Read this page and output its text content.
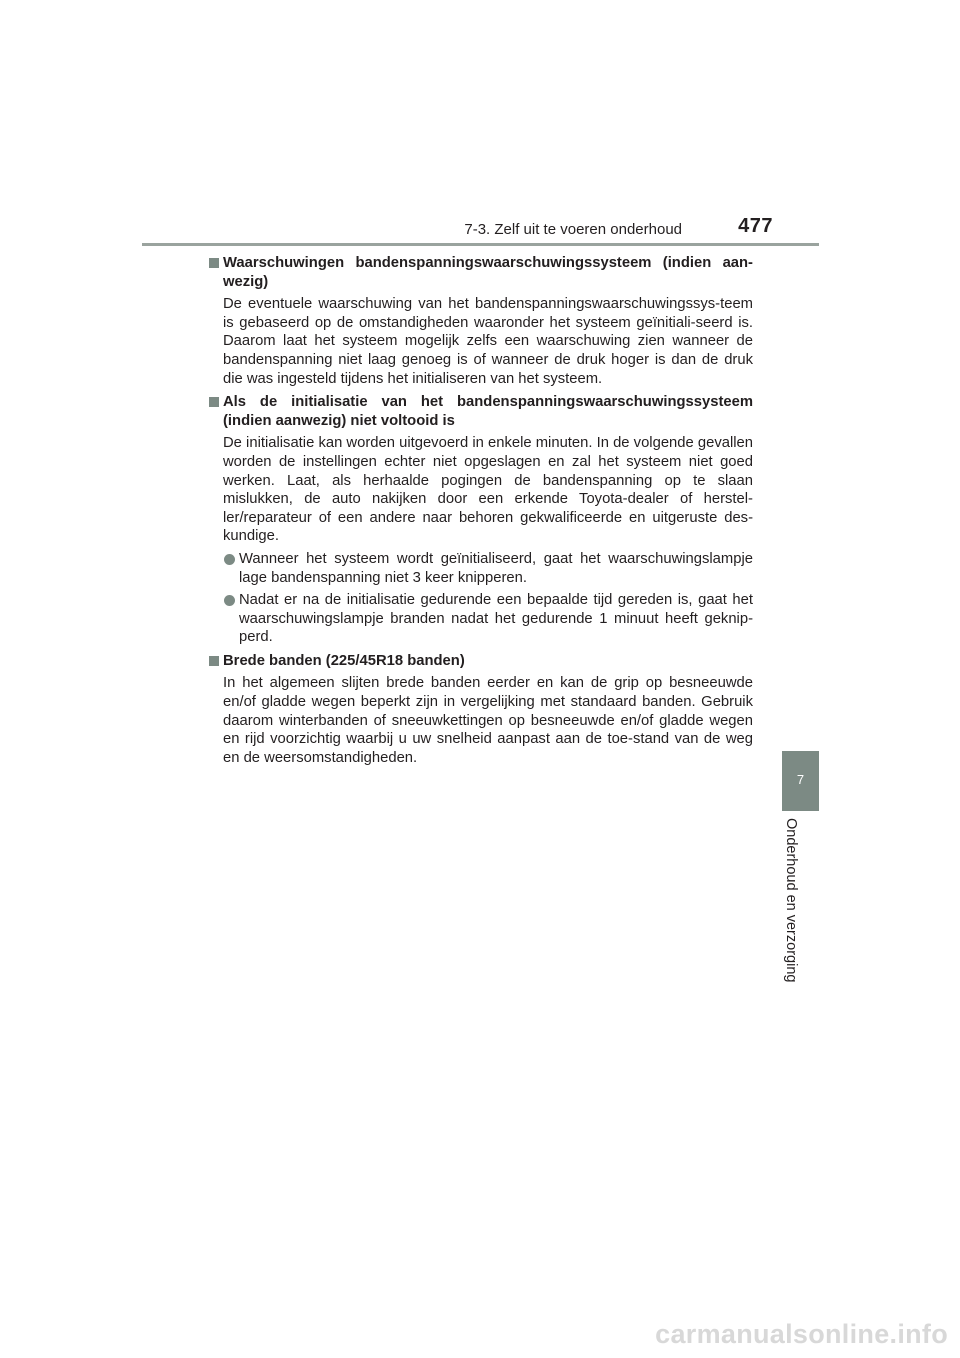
7-3. Zelf uit te voeren onderhoud	477
Waarschuwingen bandenspanningswaarschuwingssysteem (indien aan-wezig)
De eventuele waarschuwing van het bandenspanningswaarschuwingssys-teem is gebaseerd op de omstandigheden waaronder het systeem geïnitiali-seerd is. Daarom laat het systeem mogelijk zelfs een waarschuwing zien wanneer de bandenspanning niet laag genoeg is of wanneer de druk hoger is dan de druk die was ingesteld tijdens het initialiseren van het systeem.
Als de initialisatie van het bandenspanningswaarschuwingssysteem (indien aanwezig) niet voltooid is
De initialisatie kan worden uitgevoerd in enkele minuten. In de volgende gevallen worden de instellingen echter niet opgeslagen en zal het systeem niet goed werken. Laat, als herhaalde pogingen de bandenspanning op te slaan mislukken, de auto nakijken door een erkende Toyota-dealer of herstel-ler/reparateur of een andere naar behoren gekwalificeerde en uitgeruste des-kundige.
Wanneer het systeem wordt geïnitialiseerd, gaat het waarschuwingslampje lage bandenspanning niet 3 keer knipperen.
Nadat er na de initialisatie gedurende een bepaalde tijd gereden is, gaat het waarschuwingslampje branden nadat het gedurende 1 minuut heeft geknip-perd.
Brede banden (225/45R18 banden)
In het algemeen slijten brede banden eerder en kan de grip op besneeuwde en/of gladde wegen beperkt zijn in vergelijking met standaard banden. Gebruik daarom winterbanden of sneeuwkettingen op besneeuwde en/of gladde wegen en rijd voorzichtig waarbij u uw snelheid aanpast aan de toe-stand van de weg en de weersomstandigheden.
7
Onderhoud en verzorging
carmanualsonline.info
